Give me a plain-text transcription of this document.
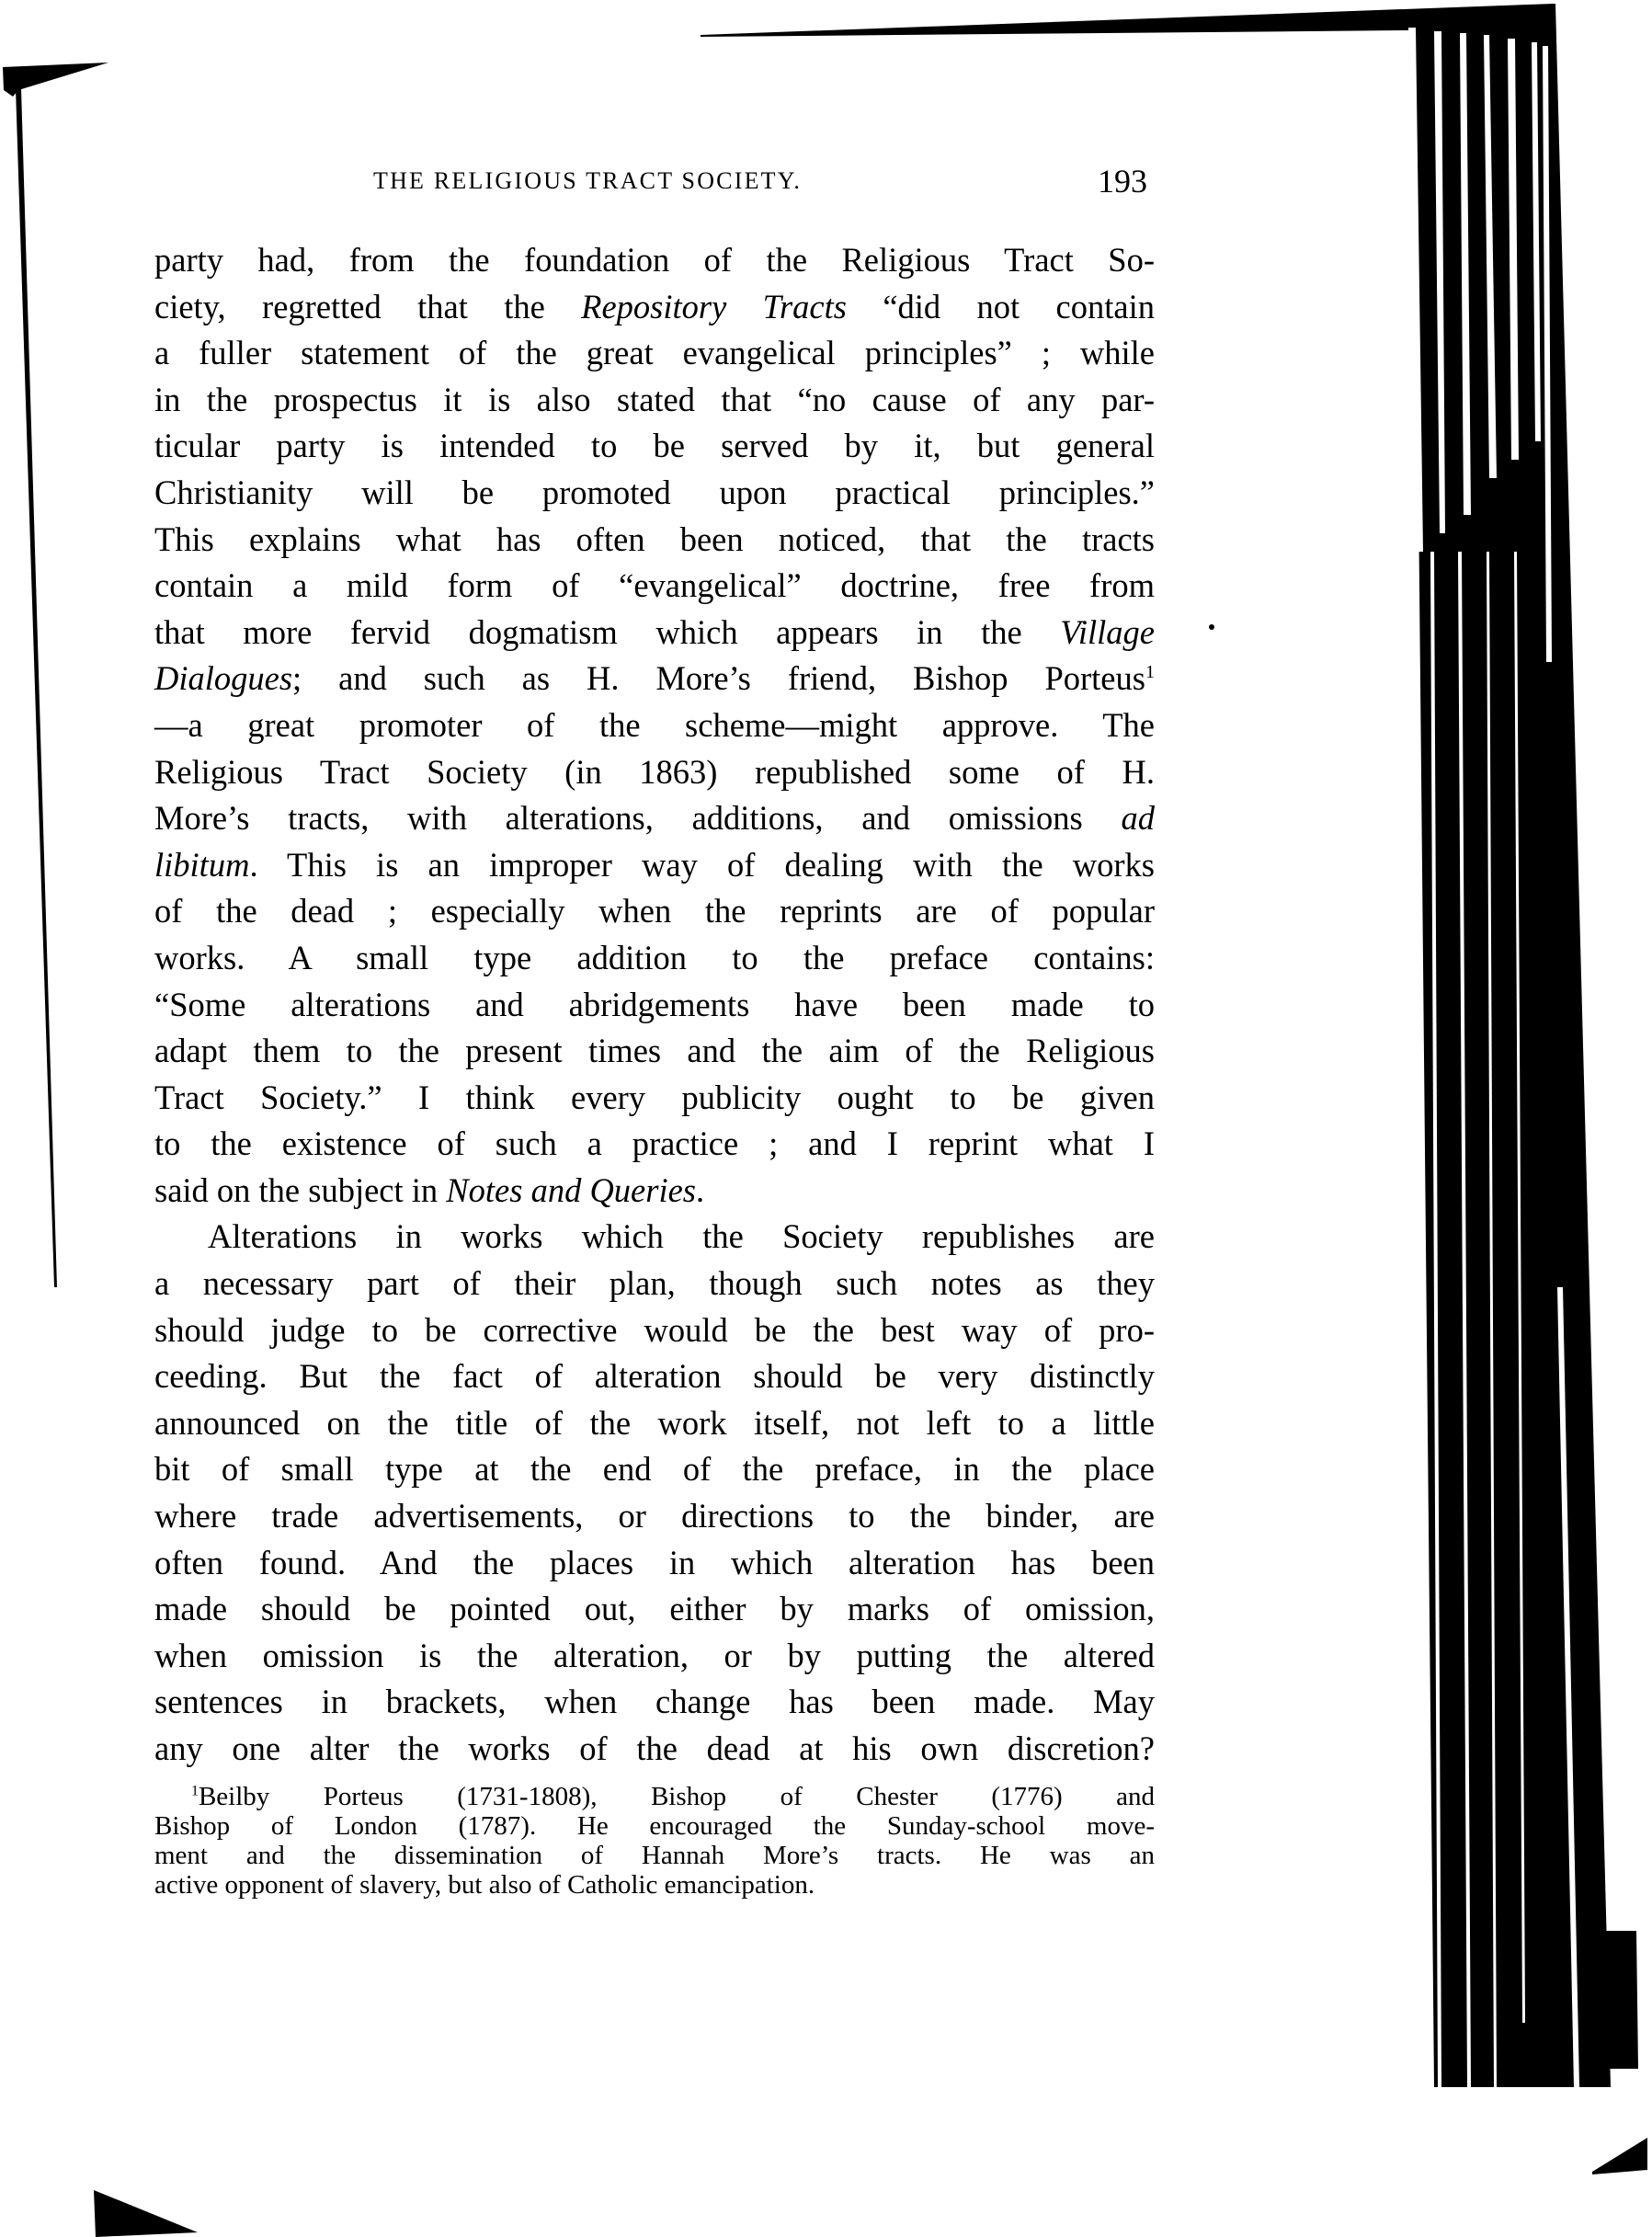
THE RELIGIOUS TRACT SOCIETY.	193
party had, from the foundation of the Religious Tract So-
ciety, regretted that the Repository Tracts “did not contain
a fuller statement of the great evangelical principles” ; while
in the prospectus it is also stated that “no cause of any par-
ticular party is intended to be served by it, but general
Christianity will be promoted upon practical principles.”
This explains what has often been noticed, that the tracts
contain a mild form of “evangelical” doctrine, free from
that more fervid dogmatism which appears in the Village
Dialogues; and such as H. More’s friend, Bishop Porteus$^1$
—a great promoter of the scheme—might approve. The
Religious Tract Society (in 1863) republished some of H.
More’s tracts, with alterations, additions, and omissions ad
libitum. This is an improper way of dealing with the works
of the dead ; especially when the reprints are of popular
works. A small type addition to the preface contains:
“Some alterations and abridgements have been made to
adapt them to the present times and the aim of the Religious
Tract Society.” I think every publicity ought to be given
to the existence of such a practice ; and I reprint what I
said on the subject in Notes and Queries.
Alterations in works which the Society republishes are
a necessary part of their plan, though such notes as they
should judge to be corrective would be the best way of pro-
ceeding. But the fact of alteration should be very distinctly
announced on the title of the work itself, not left to a little
bit of small type at the end of the preface, in the place
where trade advertisements, or directions to the binder, are
often found. And the places in which alteration has been
made should be pointed out, either by marks of omission,
when omission is the alteration, or by putting the altered
sentences in brackets, when change has been made. May
any one alter the works of the dead at his own discretion?
$^1$Beilby Porteus (1731-1808), Bishop of Chester (1776) and
Bishop of London (1787). He encouraged the Sunday-school move-
ment and the dissemination of Hannah More’s tracts. He was an
active opponent of slavery, but also of Catholic emancipation.
